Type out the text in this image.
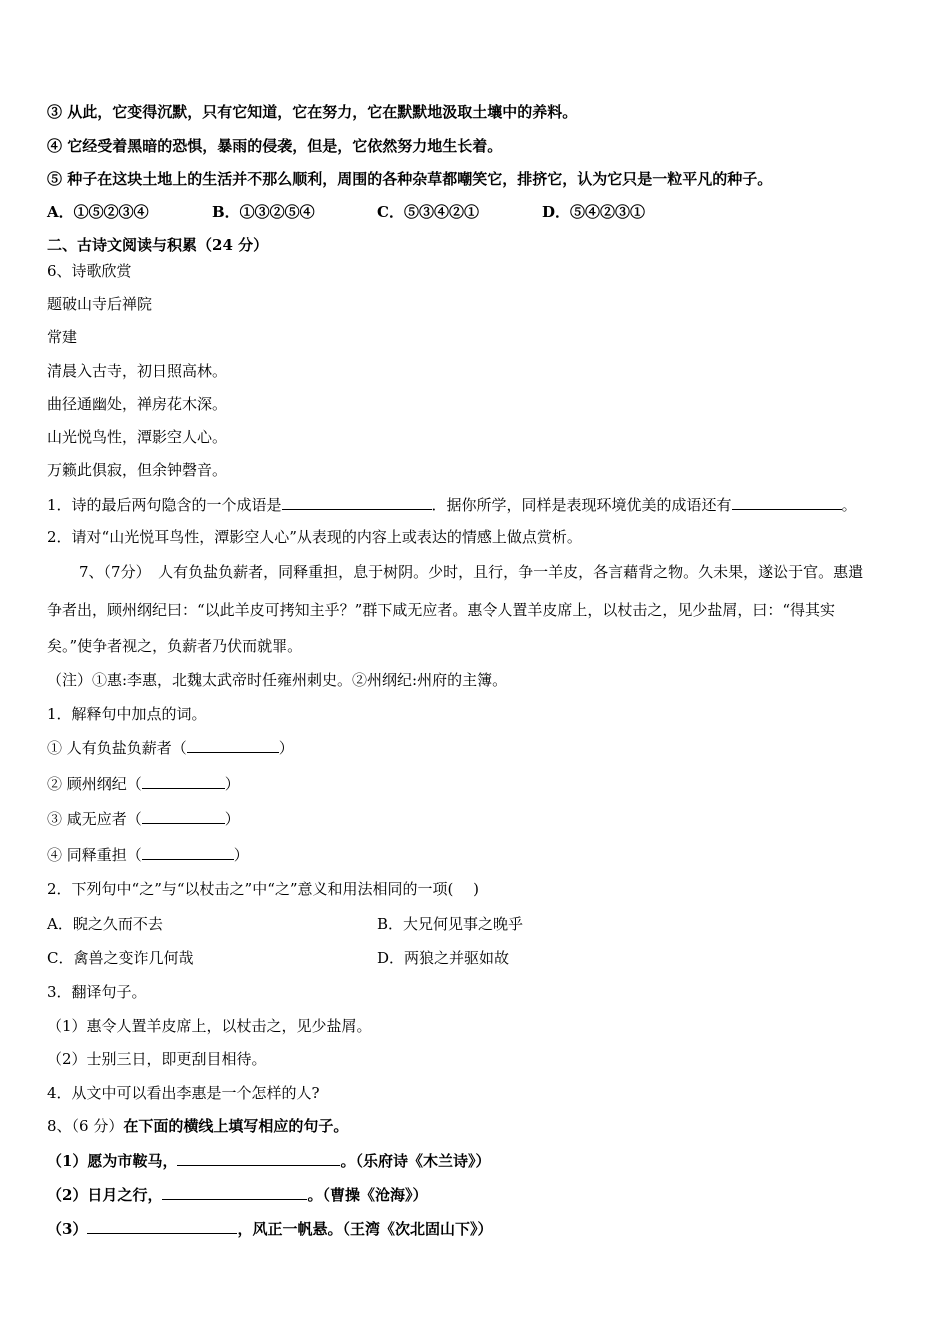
③ 从此，它变得沉默，只有它知道，它在努力，它在默默地汲取土壤中的养料。
④ 它经受着黑暗的恐惧，暴雨的侵袭，但是，它依然努力地生长着。
⑤ 种子在这块土地上的生活并不那么顺利，周围的各种杂草都嘲笑它，排挤它，认为它只是一粒平凡的种子。
A．①⑤②③④	B．①③②⑤④	C．⑤③④②①	D．⑤④②③①
二、古诗文阅读与积累（24 分）
6、诗歌欣赏
题破山寺后禅院
常建
清晨入古寺，初日照高林。
曲径通幽处，禅房花木深。
山光悦鸟性，潭影空人心。
万籁此俱寂，但余钟磬音。
1．诗的最后两句隐含的一个成语是	．据你所学，同样是表现环境优美的成语还有	。
2．请对“山光悦耳鸟性，潭影空人心”从表现的内容上或表达的情感上做点赏析。
7、（7分）　人有负盐负薪者，同释重担，息于树阴。少时，且行，争一羊皮，各言藉背之物。久未果，遂讼于官。惠遣
争者出，顾州纲纪曰：“以此羊皮可拷知主乎？”群下咸无应者。惠令人置羊皮席上，以杖击之，见少盐屑，曰：“得其实
矣。”使争者视之，负薪者乃伏而就罪。
（注）①惠:李惠，北魏太武帝时任雍州刺史。②州纲纪:州府的主簿。
1．解释句中加点的词。
① 人有负盐负薪者（	）
② 顾州纲纪（	）
③ 咸无应者（	）
④ 同释重担（	）
2．下列句中“之”与“以杖击之”中“之”意义和用法相同的一项(　 )
A．睨之久而不去	B．大兄何见事之晚乎
C．禽兽之变诈几何哉	D．两狼之并驱如故
3．翻译句子。
（1）惠令人置羊皮席上，以杖击之，见少盐屑。
（2）士别三日，即更刮目相待。
4．从文中可以看出李惠是一个怎样的人?
8、（6 分）在下面的横线上填写相应的句子。
（1）愿为市鞍马，	。（乐府诗《木兰诗》）
（2）日月之行，	。（曹操《沧海》）
（3）	，风正一帆悬。（王湾《次北固山下》）
